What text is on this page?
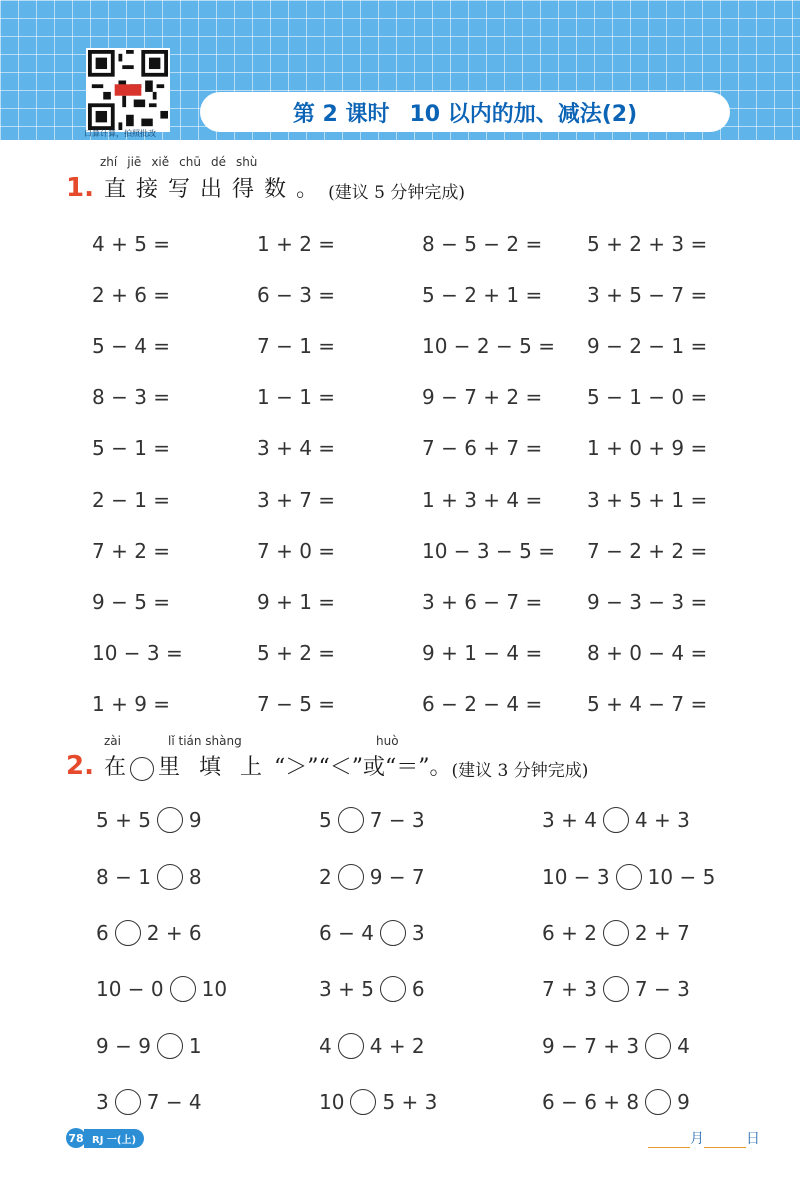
口算计算，拍照批改
第 2 课时 10 以内的加、减法(2)
zhí jiē xiě chū dé shù
1. 直接写出得数。 (建议 5 分钟完成)
4 + 5 =	1 + 2 =	8 − 5 − 2 =	5 + 2 + 3 =
2 + 6 =	6 − 3 =	5 − 2 + 1 =	3 + 5 − 7 =
5 − 4 =	7 − 1 =	10 − 2 − 5 =	9 − 2 − 1 =
8 − 3 =	1 − 1 =	9 − 7 + 2 =	5 − 1 − 0 =
5 − 1 =	3 + 4 =	7 − 6 + 7 =	1 + 0 + 9 =
2 − 1 =	3 + 7 =	1 + 3 + 4 =	3 + 5 + 1 =
7 + 2 =	7 + 0 =	10 − 3 − 5 =	7 − 2 + 2 =
9 − 5 =	9 + 1 =	3 + 6 − 7 =	9 − 3 − 3 =
10 − 3 =	5 + 2 =	9 + 1 − 4 =	8 + 0 − 4 =
1 + 9 =	7 − 5 =	6 − 2 − 4 =	5 + 4 − 7 =
zài	lǐ tián shàng	huò
2. 在 里 填 上 “＞”“＜” 或 “＝”。 (建议 3 分钟完成)
5 + 5 9	5 7 − 3	3 + 4 4 + 3
8 − 1 8	2 9 − 7	10 − 3 10 − 5
6 2 + 6	6 − 4 3	6 + 2 2 + 7
10 − 0 10	3 + 5 6	7 + 3 7 − 3
9 − 9 1	4 4 + 2	9 − 7 + 3 4
3 7 − 4	10 5 + 3	6 − 6 + 8 9
78 RJ 一(上)	月	日
